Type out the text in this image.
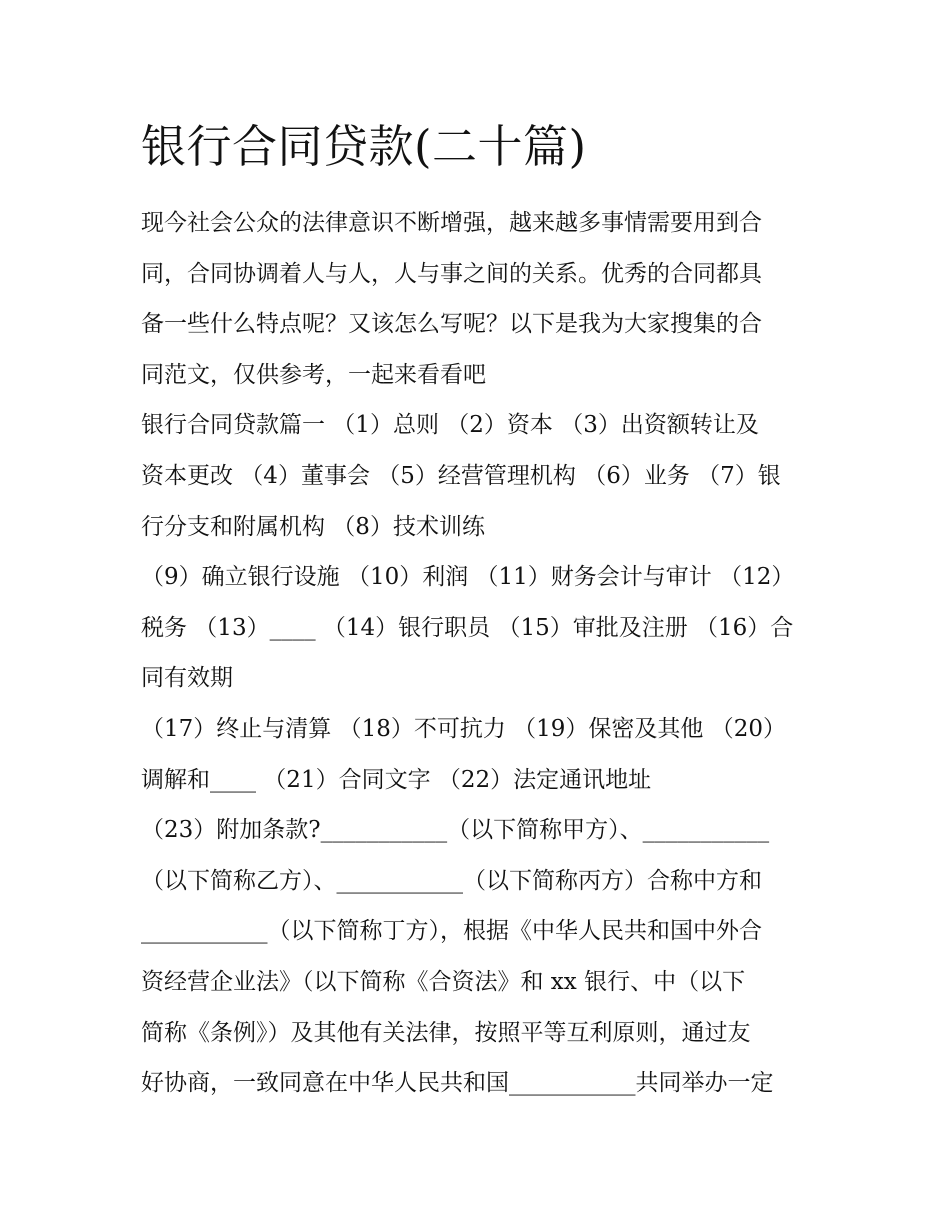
银行合同贷款(二十篇)
现今社会公众的法律意识不断增强，越来越多事情需要用到合
同，合同协调着人与人，人与事之间的关系。优秀的合同都具
备一些什么特点呢？又该怎么写呢？以下是我为大家搜集的合
同范文，仅供参考，一起来看看吧
银行合同贷款篇一 （1）总则 （2）资本 （3）出资额转让及
资本更改 （4）董事会 （5）经营管理机构 （6）业务 （7）银
行分支和附属机构 （8）技术训练
（9）确立银行设施 （10）利润 （11）财务会计与审计 （12）
税务 （13）____ （14）银行职员 （15）审批及注册 （16）合
同有效期
（17）终止与清算 （18）不可抗力 （19）保密及其他 （20）
调解和____ （21）合同文字 （22）法定通讯地址
（23）附加条款?___________（以下简称甲方）、___________
（以下简称乙方）、___________（以下简称丙方）合称中方和
___________（以下简称丁方），根据《中华人民共和国中外合
资经营企业法》（以下简称《合资法》和 xx 银行、中（以下
简称《条例》）及其他有关法律，按照平等互利原则，通过友
好协商，一致同意在中华人民共和国___________共同举办一定
